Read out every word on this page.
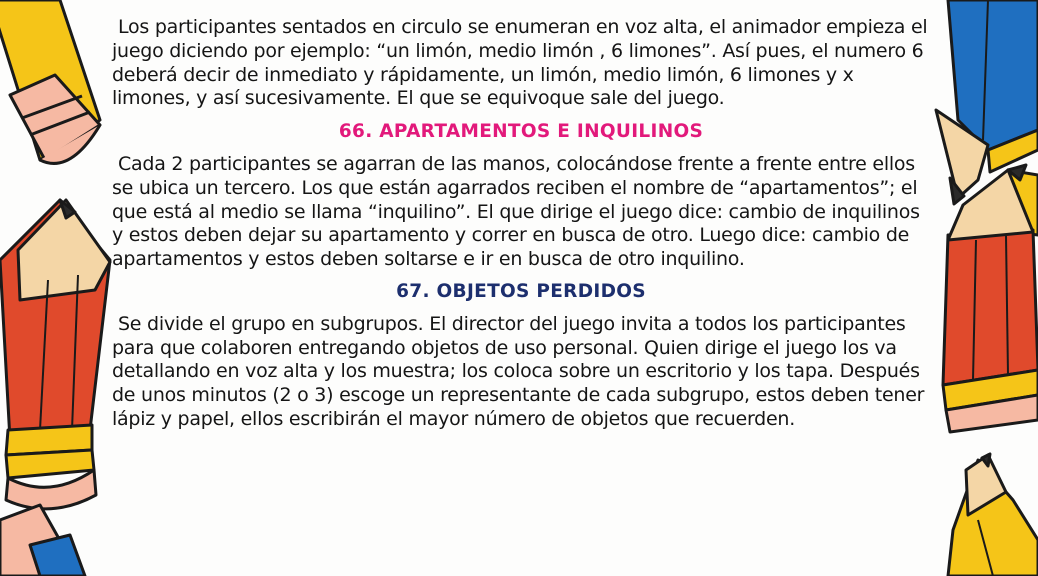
Los participantes sentados en circulo se enumeran en voz alta, el animador empieza el juego diciendo por ejemplo: “un limón, medio limón , 6 limones”. Así pues, el numero 6 deberá decir de inmediato y rápidamente, un limón, medio limón, 6 limones y x limones, y así sucesivamente. El que se equivoque sale del juego.

66. APARTAMENTOS E INQUILINOS

Cada 2 participantes se agarran de las manos, colocándose frente a frente entre ellos se ubica un tercero. Los que están agarrados reciben el nombre de “apartamentos”; el que está al medio se llama “inquilino”. El que dirige el juego dice: cambio de inquilinos y estos deben dejar su apartamento y correr en busca de otro. Luego dice: cambio de apartamentos y estos deben soltarse e ir en busca de otro inquilino.

67. OBJETOS PERDIDOS

Se divide el grupo en subgrupos. El director del juego invita a todos los participantes para que colaboren entregando objetos de uso personal. Quien dirige el juego los va detallando en voz alta y los muestra; los coloca sobre un escritorio y los tapa. Después de unos minutos (2 o 3) escoge un representante de cada subgrupo, estos deben tener lápiz y papel, ellos escribirán el mayor número de objetos que recuerden.
